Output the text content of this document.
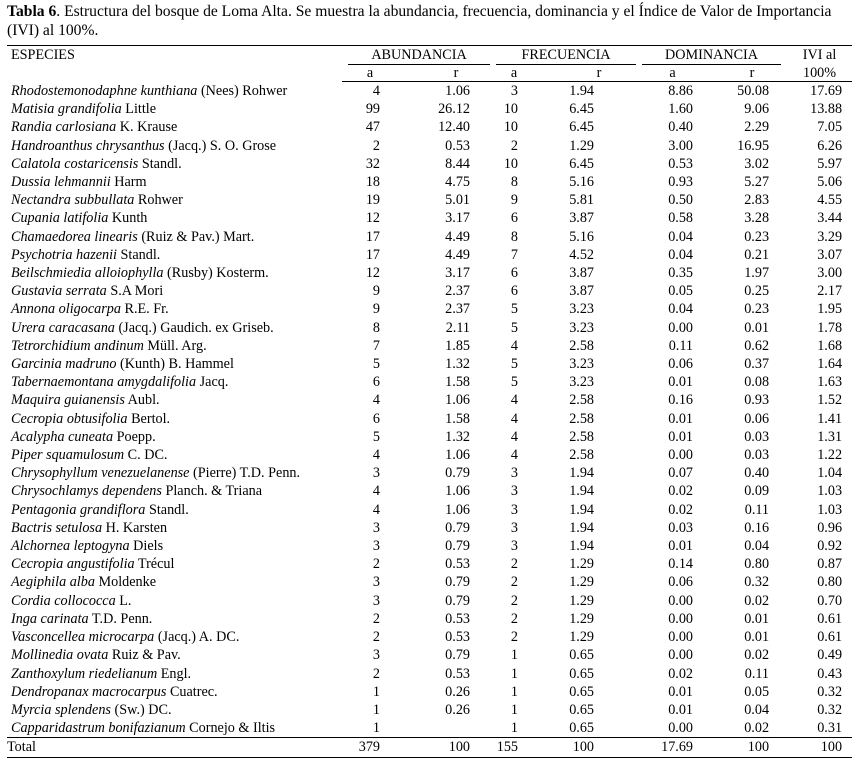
Tabla 6. Estructura del bosque de Loma Alta. Se muestra la abundancia, frecuencia, dominancia y el Índice de Valor de Importancia (IVI) al 100%.
ESPECIES	ABUNDANCIA		FRECUENCIA		DOMINANCIA		IVI al
	a	r	a	r	a	r	100%
Rhodostemonodaphne kunthiana (Nees) Rohwer	4	1.06	3	1.94	8.86	50.08	17.69
Matisia grandifolia Little	99	26.12	10	6.45	1.60	9.06	13.88
Randia carlosiana K. Krause	47	12.40	10	6.45	0.40	2.29	7.05
Handroanthus chrysanthus (Jacq.) S. O. Grose	2	0.53	2	1.29	3.00	16.95	6.26
Calatola costaricensis Standl.	32	8.44	10	6.45	0.53	3.02	5.97
Dussia lehmannii Harm	18	4.75	8	5.16	0.93	5.27	5.06
Nectandra subbullata Rohwer	19	5.01	9	5.81	0.50	2.83	4.55
Cupania latifolia Kunth	12	3.17	6	3.87	0.58	3.28	3.44
Chamaedorea linearis (Ruiz & Pav.) Mart.	17	4.49	8	5.16	0.04	0.23	3.29
Psychotria hazenii Standl.	17	4.49	7	4.52	0.04	0.21	3.07
Beilschmiedia alloiophylla (Rusby) Kosterm.	12	3.17	6	3.87	0.35	1.97	3.00
Gustavia serrata S.A Mori	9	2.37	6	3.87	0.05	0.25	2.17
Annona oligocarpa R.E. Fr.	9	2.37	5	3.23	0.04	0.23	1.95
Urera caracasana (Jacq.) Gaudich. ex Griseb.	8	2.11	5	3.23	0.00	0.01	1.78
Tetrorchidium andinum Müll. Arg.	7	1.85	4	2.58	0.11	0.62	1.68
Garcinia madruno (Kunth) B. Hammel	5	1.32	5	3.23	0.06	0.37	1.64
Tabernaemontana amygdalifolia Jacq.	6	1.58	5	3.23	0.01	0.08	1.63
Maquira guianensis Aubl.	4	1.06	4	2.58	0.16	0.93	1.52
Cecropia obtusifolia Bertol.	6	1.58	4	2.58	0.01	0.06	1.41
Acalypha cuneata Poepp.	5	1.32	4	2.58	0.01	0.03	1.31
Piper squamulosum C. DC.	4	1.06	4	2.58	0.00	0.03	1.22
Chrysophyllum venezuelanense (Pierre) T.D. Penn.	3	0.79	3	1.94	0.07	0.40	1.04
Chrysochlamys dependens Planch. & Triana	4	1.06	3	1.94	0.02	0.09	1.03
Pentagonia grandiflora Standl.	4	1.06	3	1.94	0.02	0.11	1.03
Bactris setulosa H. Karsten	3	0.79	3	1.94	0.03	0.16	0.96
Alchornea leptogyna Diels	3	0.79	3	1.94	0.01	0.04	0.92
Cecropia angustifolia Trécul	2	0.53	2	1.29	0.14	0.80	0.87
Aegiphila alba Moldenke	3	0.79	2	1.29	0.06	0.32	0.80
Cordia collococca L.	3	0.79	2	1.29	0.00	0.02	0.70
Inga carinata T.D. Penn.	2	0.53	2	1.29	0.00	0.01	0.61
Vasconcellea microcarpa (Jacq.) A. DC.	2	0.53	2	1.29	0.00	0.01	0.61
Mollinedia ovata Ruiz & Pav.	3	0.79	1	0.65	0.00	0.02	0.49
Zanthoxylum riedelianum Engl.	2	0.53	1	0.65	0.02	0.11	0.43
Dendropanax macrocarpus Cuatrec.	1	0.26	1	0.65	0.01	0.05	0.32
Myrcia splendens (Sw.) DC.	1	0.26	1	0.65	0.01	0.04	0.32
Capparidastrum bonifazianum Cornejo & Iltis	1		1	0.65	0.00	0.02	0.31
Total	379	100	155	100	17.69	100	100
